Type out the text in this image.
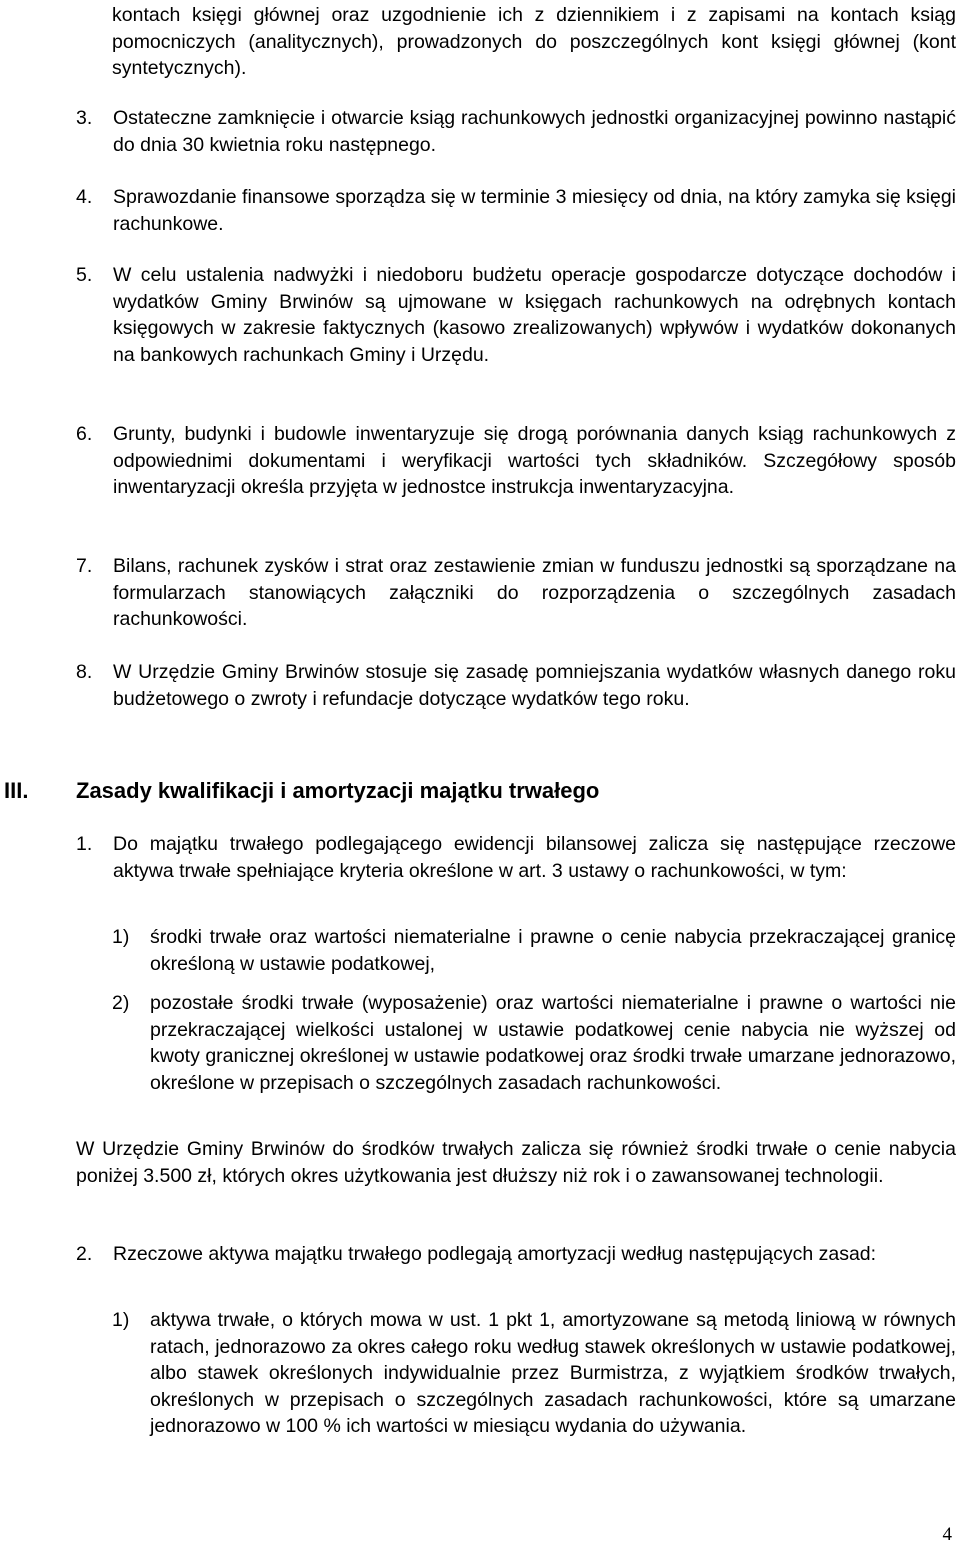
kontach księgi głównej oraz uzgodnienie ich z dziennikiem i z zapisami na kontach ksiąg pomocniczych (analitycznych), prowadzonych do poszczególnych kont księgi głównej (kont syntetycznych).

3.	Ostateczne zamknięcie i otwarcie ksiąg rachunkowych jednostki organizacyjnej powinno nastąpić do dnia 30 kwietnia roku następnego.

4.	Sprawozdanie finansowe sporządza się w terminie 3 miesięcy od dnia, na który zamyka się księgi rachunkowe.

5.	W celu ustalenia nadwyżki i niedoboru budżetu operacje gospodarcze dotyczące dochodów i wydatków Gminy Brwinów są ujmowane w księgach rachunkowych na odrębnych kontach księgowych w zakresie faktycznych (kasowo zrealizowanych) wpływów i wydatków dokonanych na bankowych rachunkach Gminy i Urzędu.

6.	Grunty, budynki i budowle inwentaryzuje się drogą porównania danych ksiąg rachunkowych z odpowiednimi dokumentami i weryfikacji wartości tych składników. Szczegółowy sposób inwentaryzacji określa przyjęta w jednostce instrukcja inwentaryzacyjna.

7.	Bilans, rachunek zysków i strat oraz zestawienie zmian w funduszu jednostki są sporządzane na formularzach stanowiących załączniki do rozporządzenia o szczególnych zasadach rachunkowości.

8.	W Urzędzie Gminy Brwinów stosuje się zasadę pomniejszania wydatków własnych danego roku budżetowego o zwroty i refundacje dotyczące wydatków tego roku.

III. Zasady kwalifikacji i amortyzacji majątku trwałego
1.	Do majątku trwałego podlegającego ewidencji bilansowej zalicza się następujące rzeczowe aktywa trwałe spełniające kryteria określone w art. 3 ustawy o rachunkowości, w tym:

1)	środki trwałe oraz wartości niematerialne i prawne o cenie nabycia przekraczającej granicę określoną w ustawie podatkowej,

2)	pozostałe środki trwałe (wyposażenie) oraz wartości niematerialne i prawne o wartości nie przekraczającej wielkości ustalonej w ustawie podatkowej cenie nabycia nie wyższej od kwoty granicznej określonej w ustawie podatkowej oraz środki trwałe umarzane jednorazowo, określone w przepisach o szczególnych zasadach rachunkowości.

W Urzędzie Gminy Brwinów do środków trwałych zalicza się również środki trwałe o cenie nabycia poniżej 3.500 zł, których okres użytkowania jest dłuższy niż rok i o zawansowanej technologii.

2.	Rzeczowe aktywa majątku trwałego podlegają amortyzacji według następujących zasad:

1)	aktywa trwałe, o których mowa w ust. 1 pkt 1, amortyzowane są metodą liniową w równych ratach, jednorazowo za okres całego roku według stawek określonych w ustawie podatkowej, albo stawek określonych indywidualnie przez Burmistrza, z wyjątkiem środków trwałych, określonych w przepisach o szczególnych zasadach rachunkowości, które są umarzane jednorazowo w 100 % ich wartości w miesiącu wydania do używania.

4
